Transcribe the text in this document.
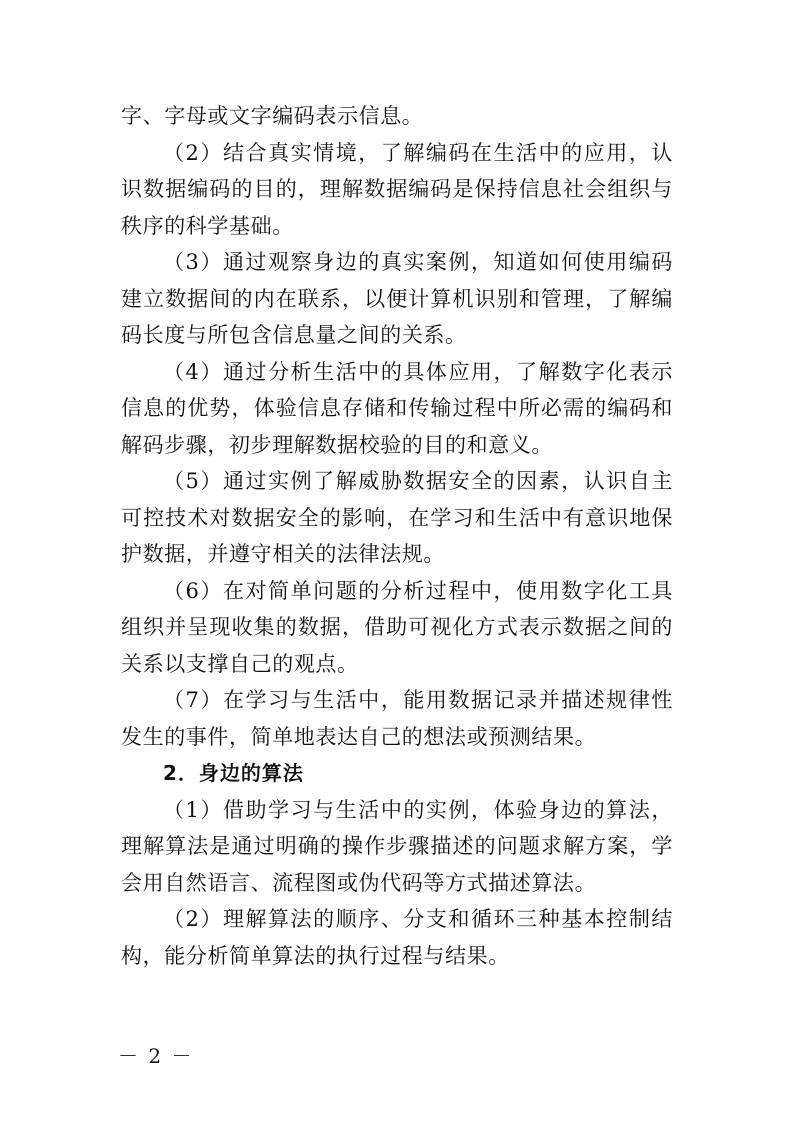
字、字母或文字编码表示信息。

（2）结合真实情境，了解编码在生活中的应用，认识数据编码的目的，理解数据编码是保持信息社会组织与秩序的科学基础。

（3）通过观察身边的真实案例，知道如何使用编码建立数据间的内在联系，以便计算机识别和管理，了解编码长度与所包含信息量之间的关系。

（4）通过分析生活中的具体应用，了解数字化表示信息的优势，体验信息存储和传输过程中所必需的编码和解码步骤，初步理解数据校验的目的和意义。

（5）通过实例了解威胁数据安全的因素，认识自主可控技术对数据安全的影响，在学习和生活中有意识地保护数据，并遵守相关的法律法规。

（6）在对简单问题的分析过程中，使用数字化工具组织并呈现收集的数据，借助可视化方式表示数据之间的关系以支撑自己的观点。

（7）在学习与生活中，能用数据记录并描述规律性发生的事件，简单地表达自己的想法或预测结果。

2．身边的算法

（1）借助学习与生活中的实例，体验身边的算法，理解算法是通过明确的操作步骤描述的问题求解方案，学会用自然语言、流程图或伪代码等方式描述算法。

（2）理解算法的顺序、分支和循环三种基本控制结构，能分析简单算法的执行过程与结果。

－ 2 －
